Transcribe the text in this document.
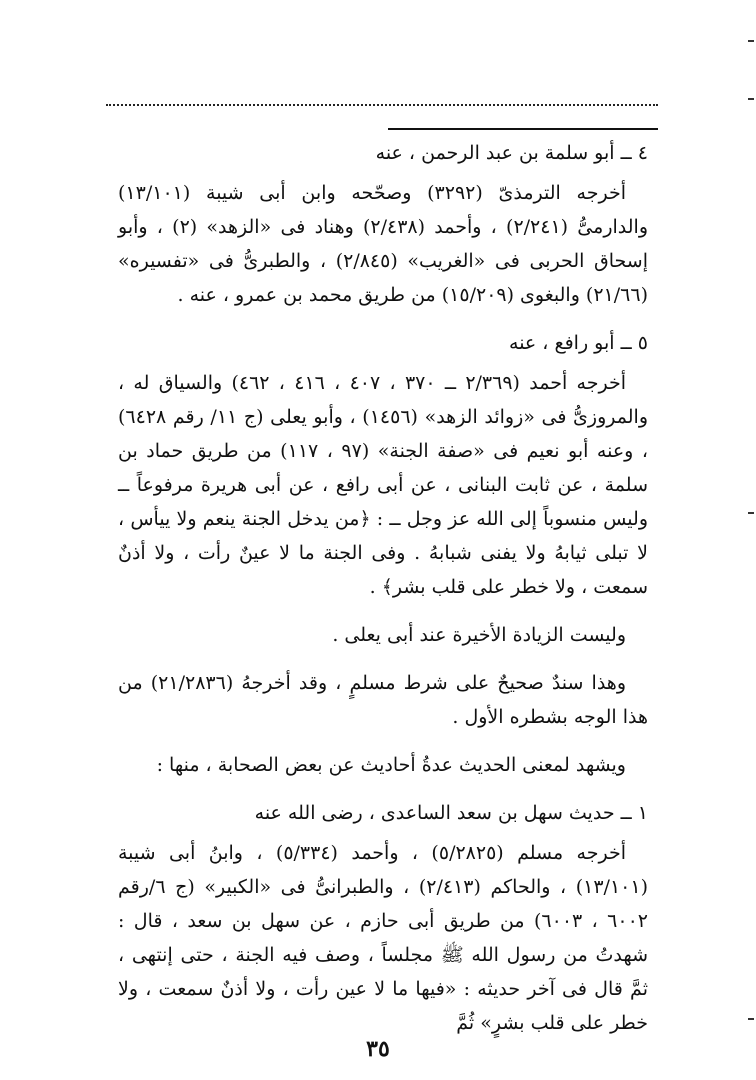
٤ ــ أبو سلمة بن عبد الرحمن ، عنه

أخرجه الترمذىّ (٣٢٩٢) وصحّحه وابن أبى شيبة (١٣/١٠١) والدارمىُّ (٢/٢٤١) ، وأحمد (٢/٤٣٨) وهناد فى «الزهد» (٢) ، وأبو إسحاق الحربى فى «الغريب» (٢/٨٤٥) ، والطبرىُّ فى «تفسيره» (٢١/٦٦) والبغوى (١٥/٢٠٩) من طريق محمد بن عمرو ، عنه .

٥ ــ أبو رافع ، عنه

أخرجه أحمد (٢/٣٦٩ ــ ٣٧٠ ، ٤٠٧ ، ٤١٦ ، ٤٦٢) والسياق له ، والمروزىُّ فى «زوائد الزهد» (١٤٥٦) ، وأبو يعلى (ج ١١/ رقم ٦٤٢٨) ، وعنه أبو نعيم فى «صفة الجنة» (٩٧ ، ١١٧) من طريق حماد بن سلمة ، عن ثابت البنانى ، عن أبى رافع ، عن أبى هريرة مرفوعاً ــ وليس منسوباً إلى الله عز وجل ــ : ﴿من يدخل الجنة ينعم ولا ييأس ، لا تبلى ثيابهُ ولا يفنى شبابهُ . وفى الجنة ما لا عينٌ رأت ، ولا أذنٌ سمعت ، ولا خطر على قلب بشر﴾ .

وليست الزيادة الأخيرة عند أبى يعلى .

وهذا سندٌ صحيحٌ على شرط مسلمٍ ، وقد أخرجهُ (٢١/٢٨٣٦) من هذا الوجه بشطره الأول .

ويشهد لمعنى الحديث عدةُ أحاديث عن بعض الصحابة ، منها :

١ ــ حديث سهل بن سعد الساعدى ، رضى الله عنه

أخرجه مسلم (٥/٢٨٢٥) ، وأحمد (٥/٣٣٤) ، وابنُ أبى شيبة (١٣/١٠١) ، والحاكم (٢/٤١٣) ، والطبرانىُّ فى «الكبير» (ج ٦/رقم ٦٠٠٢ ، ٦٠٠٣) من طريق أبى حازم ، عن سهل بن سعد ، قال : شهدتُ من رسول الله ﷺ مجلساً ، وصف فيه الجنة ، حتى إنتهى ، ثمَّ قال فى آخر حديثه : «فيها ما لا عين رأت ، ولا أذنٌ سمعت ، ولا خطر على قلب بشرٍ» ثُمَّ

٣٥
